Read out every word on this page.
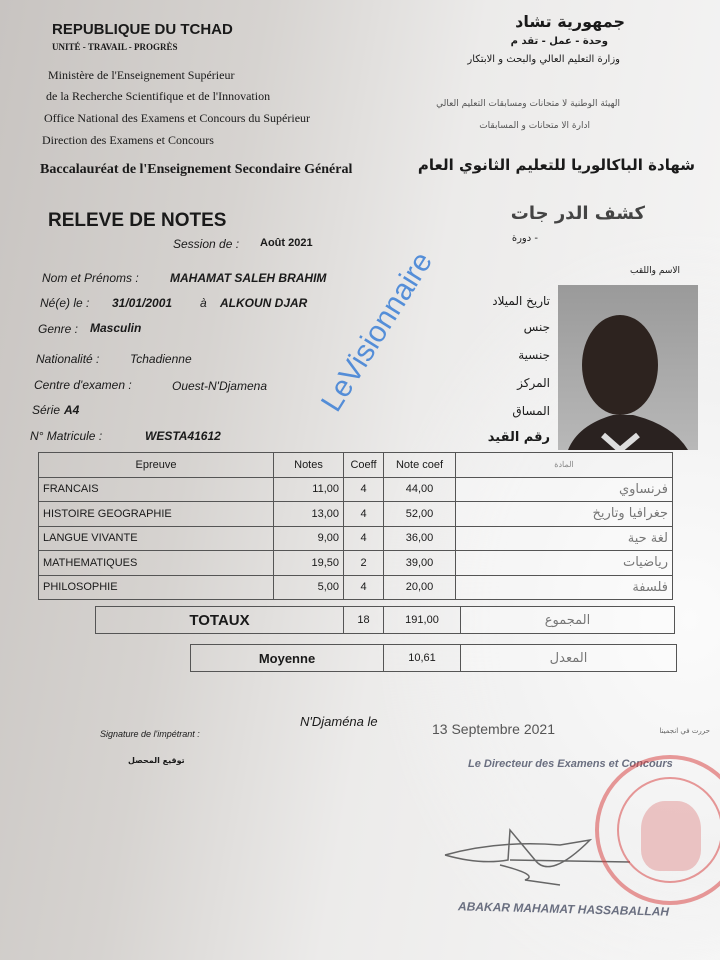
REPUBLIQUE DU TCHAD
UNITÉ - TRAVAIL - PROGRÈS
Ministère de l'Enseignement Supérieur
de la Recherche Scientifique et de l'Innovation
Office National des Examens et Concours du Supérieur
Direction des Examens et Concours
جمهورية تشاد
وحدة - عمل - تقد م
وزارة التعليم العالي والبحث و الابتكار
الهيئة الوطنية لا متحانات ومسابقات التعليم العالي
ادارة الا متحانات و المسابقات
Baccalauréat de l'Enseignement Secondaire Général	شهادة الباكالوريا للتعليم الثانوي العام
RELEVE DE NOTES	كشف الدر جات
Session de : Août 2021	- دورة
LeVisionnaire
Nom et Prénoms :	MAHAMAT SALEH BRAHIM
Né(e) le : 31/01/2001 à ALKOUN DJAR
Genre : Masculin
Nationalité :	Tchadienne
Centre d'examen :	Ouest-N'Djamena
Série A4
N° Matricule :	WESTA41612
الاسم واللقب
تاريخ الميلاد
جنس
جنسية
المركز
المساق
رقم القيد
Epreuve	Notes	Coeff	Note coef	المادة
FRANCAIS	11,00	4	44,00	فرنساوي
HISTOIRE GEOGRAPHIE	13,00	4	52,00	جغرافيا وتاريخ
LANGUE VIVANTE	9,00	4	36,00	لغة حية
MATHEMATIQUES	19,50	2	39,00	رياضيات
PHILOSOPHIE	5,00	4	20,00	فلسفة
TOTAUX	18	191,00	المجموع
Moyenne	10,61	المعدل
N'Djaména le	13 Septembre 2021	حررت في انجمينا
Signature de l'impétrant :
توقيع المحصل	Le Directeur des Examens et Concours
ABAKAR MAHAMAT HASSABALLAH
